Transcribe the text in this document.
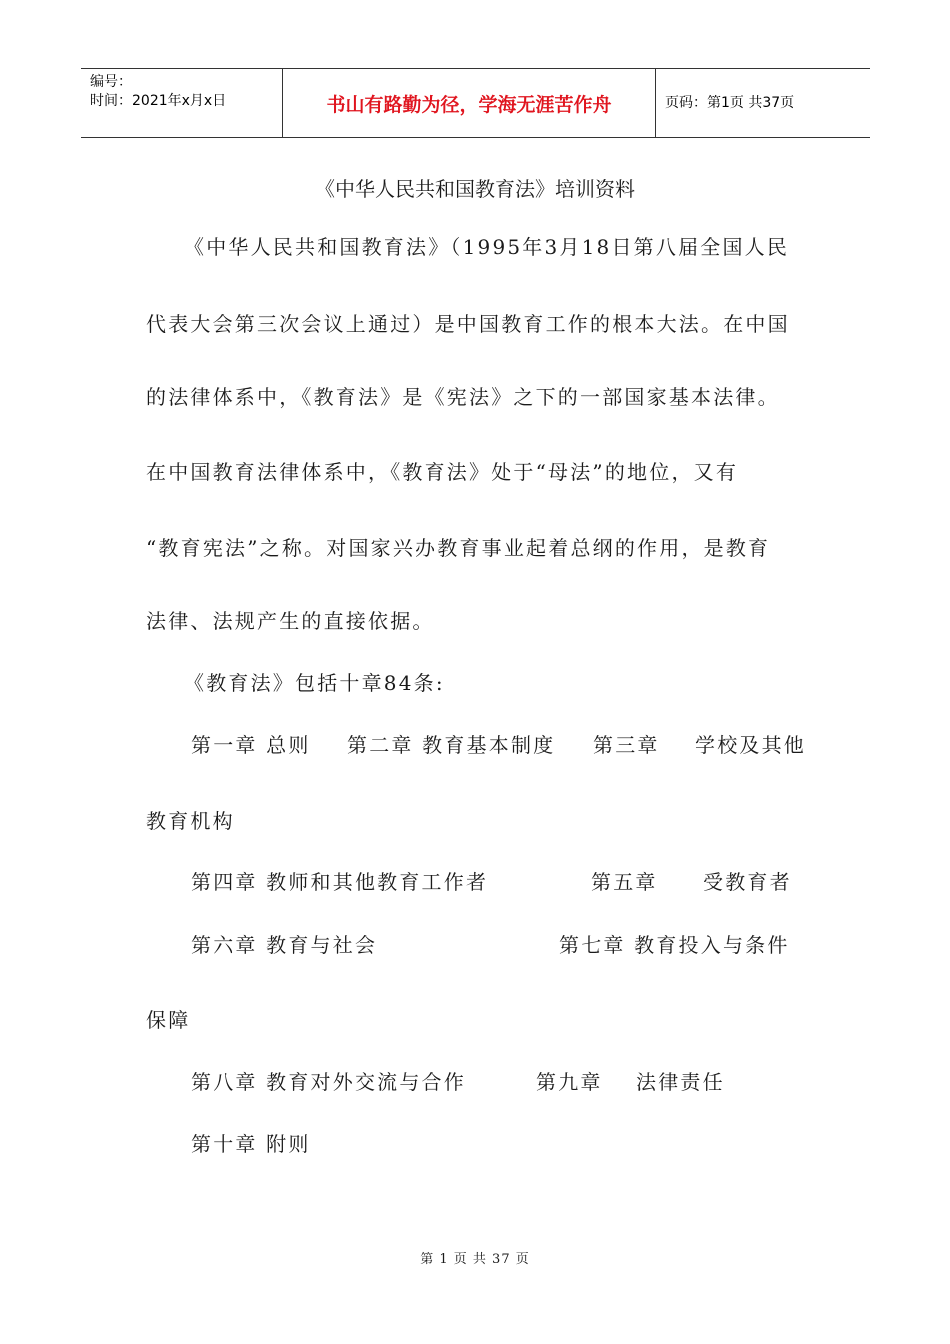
编号：
时间：2021年x月x日	书山有路勤为径，学海无涯苦作舟	页码：第1页 共37页
《中华人民共和国教育法》培训资料
《中华人民共和国教育法》（1995年3月18日第八届全国人民
代表大会第三次会议上通过）是中国教育工作的根本大法。在中国
的法律体系中，《教育法》是《宪法》之下的一部国家基本法律。
在中国教育法律体系中，《教育法》处于“母法”的地位，又有
“教育宪法”之称。对国家兴办教育事业起着总纲的作用，是教育
法律、法规产生的直接依据。
《教育法》包括十章84条:
第一章 总则 第二章 教育基本制度 第三章 学校及其他
教育机构
第四章 教师和其他教育工作者	第五章 受教育者
第六章 教育与社会	第七章 教育投入与条件
保障
第八章 教育对外交流与合作	第九章 法律责任
第十章 附则
第 1 页 共 37 页
